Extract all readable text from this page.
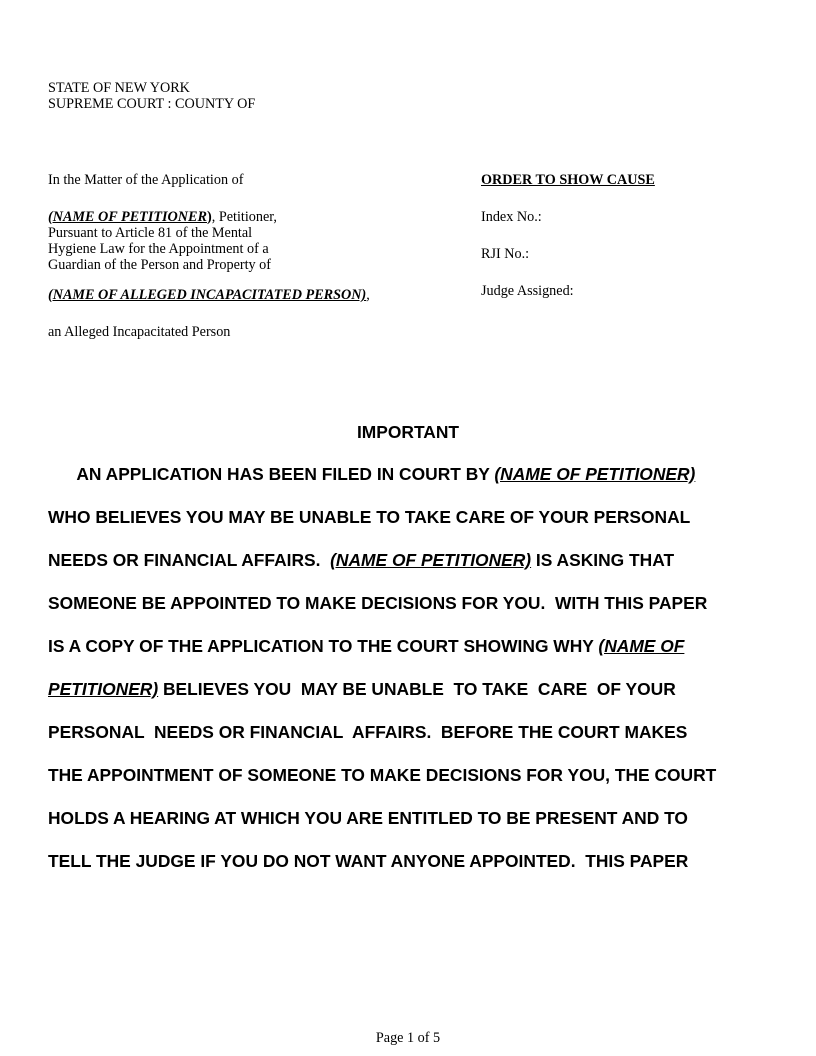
STATE OF NEW YORK
SUPREME COURT : COUNTY OF
In the Matter of the Application of
(NAME OF PETITIONER), Petitioner,
Pursuant to Article 81 of the Mental
Hygiene Law for the Appointment of a
Guardian of the Person and Property of
(NAME OF ALLEGED INCAPACITATED PERSON),
an Alleged Incapacitated Person
ORDER TO SHOW CAUSE
Index No.:
RJI No.:
Judge Assigned:
IMPORTANT
AN APPLICATION HAS BEEN FILED IN COURT BY (NAME OF PETITIONER)
WHO BELIEVES YOU MAY BE UNABLE TO TAKE CARE OF YOUR PERSONAL
NEEDS OR FINANCIAL AFFAIRS.  (NAME OF PETITIONER) IS ASKING THAT
SOMEONE BE APPOINTED TO MAKE DECISIONS FOR YOU.  WITH THIS PAPER
IS A COPY OF THE APPLICATION TO THE COURT SHOWING WHY (NAME OF
PETITIONER) BELIEVES YOU  MAY BE UNABLE  TO TAKE  CARE  OF YOUR
PERSONAL  NEEDS OR FINANCIAL  AFFAIRS.  BEFORE THE COURT MAKES
THE APPOINTMENT OF SOMEONE TO MAKE DECISIONS FOR YOU, THE COURT
HOLDS A HEARING AT WHICH YOU ARE ENTITLED TO BE PRESENT AND TO
TELL THE JUDGE IF YOU DO NOT WANT ANYONE APPOINTED.  THIS PAPER
Page 1 of 5
